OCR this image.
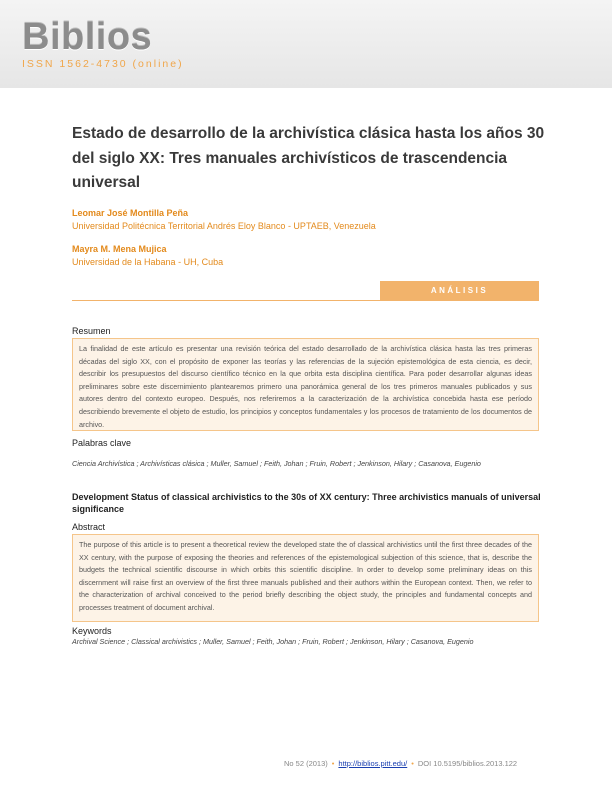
Biblios
ISSN 1562-4730 (online)
Estado de desarrollo de la archivística clásica hasta los años 30 del siglo XX: Tres manuales archivísticos de trascendencia universal
Leomar José Montilla Peña
Universidad Politécnica Territorial Andrés Eloy Blanco - UPTAEB, Venezuela
Mayra M. Mena Mujica
Universidad de la Habana - UH, Cuba
ANÁLISIS
Resumen
La finalidad de este artículo es presentar una revisión teórica del estado desarrollado de la archivística clásica hasta las tres primeras décadas del siglo XX, con el propósito de exponer las teorías y las referencias de la sujeción epistemológica de esta ciencia, es decir, describir los presupuestos del discurso científico técnico en la que orbita esta disciplina científica. Para poder desarrollar algunas ideas preliminares sobre este discernimiento plantearemos primero una panorámica general de los tres primeros manuales publicados y sus autores dentro del contexto europeo. Después, nos referiremos a la caracterización de la archivística concebida hasta ese período describiendo brevemente el objeto de estudio, los principios y conceptos fundamentales y los procesos de tratamiento de los documentos de archivo.
Palabras clave
Ciencia Archivística ; Archivísticas clásica ; Muller, Samuel ; Feith, Johan ; Fruin, Robert ; Jenkinson, Hilary ; Casanova, Eugenio
Development Status of classical archivistics to the 30s of XX century: Three archivistics manuals of universal significance
Abstract
The purpose of this article is to present a theoretical review the developed state the of classical archivistics until the first three decades of the XX century, with the purpose of exposing the theories and references of the epistemological subjection of this science, that is, describe the budgets the technical scientific discourse in which orbits this scientific discipline. In order to develop some preliminary ideas on this discernment will raise first an overview of the first three manuals published and their authors within the European context. Then, we refer to the characterization of archival conceived to the period briefly describing the object study, the principles and fundamental concepts and processes treatment of document archival.
Keywords
Archival Science ; Classical archivistics ; Muller, Samuel ; Feith, Johan ; Fruin, Robert ; Jenkinson, Hilary ; Casanova, Eugenio
No 52 (2013) • http://biblios.pitt.edu/ • DOI 10.5195/biblios.2013.122
